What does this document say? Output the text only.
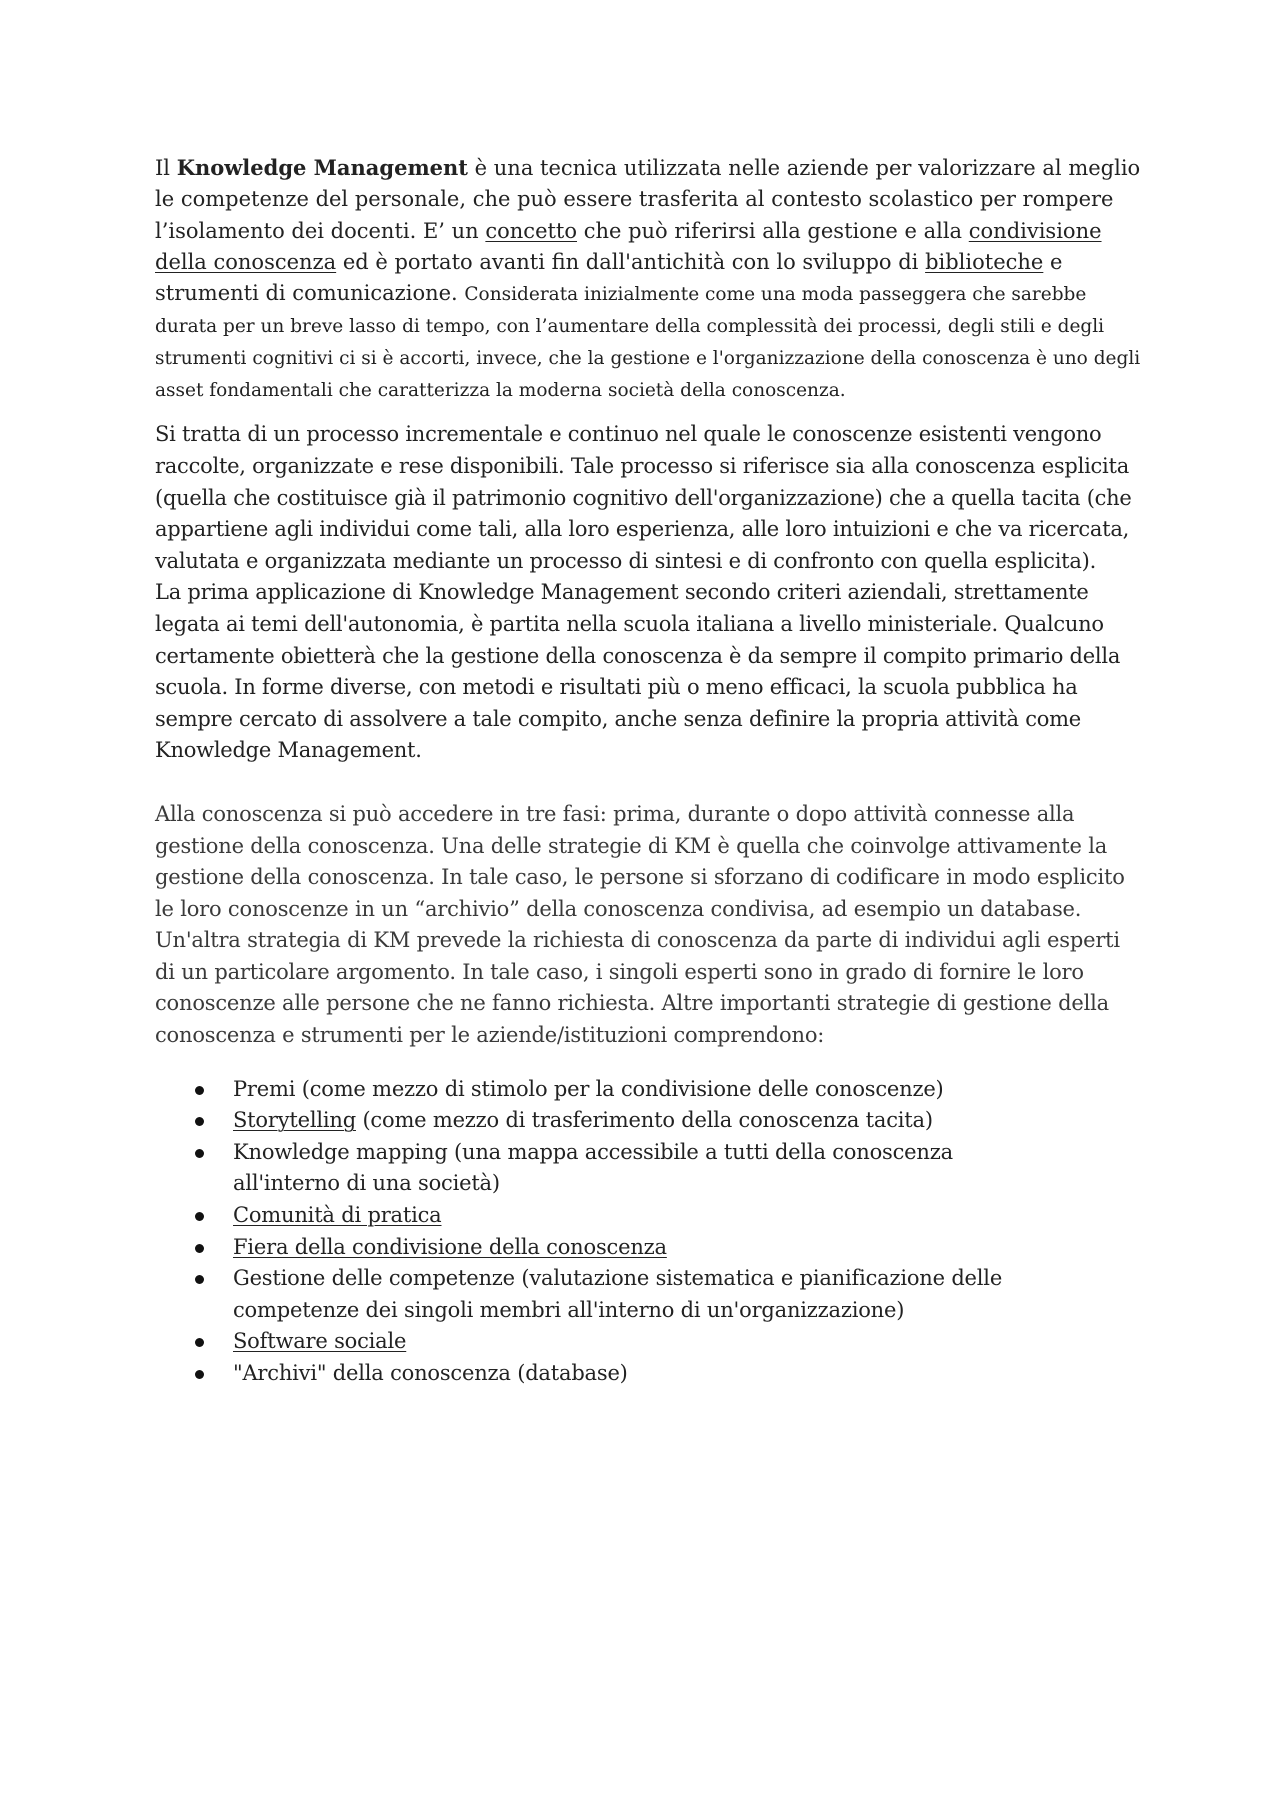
Il Knowledge Management è una tecnica utilizzata nelle aziende per valorizzare al meglio le competenze del personale, che può essere trasferita al contesto scolastico per rompere l’isolamento dei docenti. E’ un concetto che può riferirsi alla gestione e alla condivisione della conoscenza ed è portato avanti fin dall'antichità con lo sviluppo di biblioteche e strumenti di comunicazione. Considerata inizialmente come una moda passeggera che sarebbe durata per un breve lasso di tempo, con l’aumentare della complessità dei processi, degli stili e degli strumenti cognitivi ci si è accorti, invece, che la gestione e l'organizzazione della conoscenza è uno degli asset fondamentali che caratterizza la moderna società della conoscenza.

Si tratta di un processo incrementale e continuo nel quale le conoscenze esistenti vengono raccolte, organizzate e rese disponibili. Tale processo si riferisce sia alla conoscenza esplicita (quella che costituisce già il patrimonio cognitivo dell'organizzazione) che a quella tacita (che appartiene agli individui come tali, alla loro esperienza, alle loro intuizioni e che va ricercata, valutata e organizzata mediante un processo di sintesi e di confronto con quella esplicita).

La prima applicazione di Knowledge Management secondo criteri aziendali, strettamente legata ai temi dell'autonomia, è partita nella scuola italiana a livello ministeriale. Qualcuno certamente obietterà che la gestione della conoscenza è da sempre il compito primario della scuola. In forme diverse, con metodi e risultati più o meno efficaci, la scuola pubblica ha sempre cercato di assolvere a tale compito, anche senza definire la propria attività come Knowledge Management.

Alla conoscenza si può accedere in tre fasi: prima, durante o dopo attività connesse alla gestione della conoscenza. Una delle strategie di KM è quella che coinvolge attivamente la gestione della conoscenza. In tale caso, le persone si sforzano di codificare in modo esplicito le loro conoscenze in un “archivio” della conoscenza condivisa, ad esempio un database. Un'altra strategia di KM prevede la richiesta di conoscenza da parte di individui agli esperti di un particolare argomento. In tale caso, i singoli esperti sono in grado di fornire le loro conoscenze alle persone che ne fanno richiesta. Altre importanti strategie di gestione della conoscenza e strumenti per le aziende/istituzioni comprendono:

Premi (come mezzo di stimolo per la condivisione delle conoscenze)
Storytelling (come mezzo di trasferimento della conoscenza tacita)
Knowledge mapping (una mappa accessibile a tutti della conoscenza
all'interno di una società)
Comunità di pratica
Fiera della condivisione della conoscenza
Gestione delle competenze (valutazione sistematica e pianificazione delle
competenze dei singoli membri all'interno di un'organizzazione)
Software sociale
"Archivi" della conoscenza (database)
